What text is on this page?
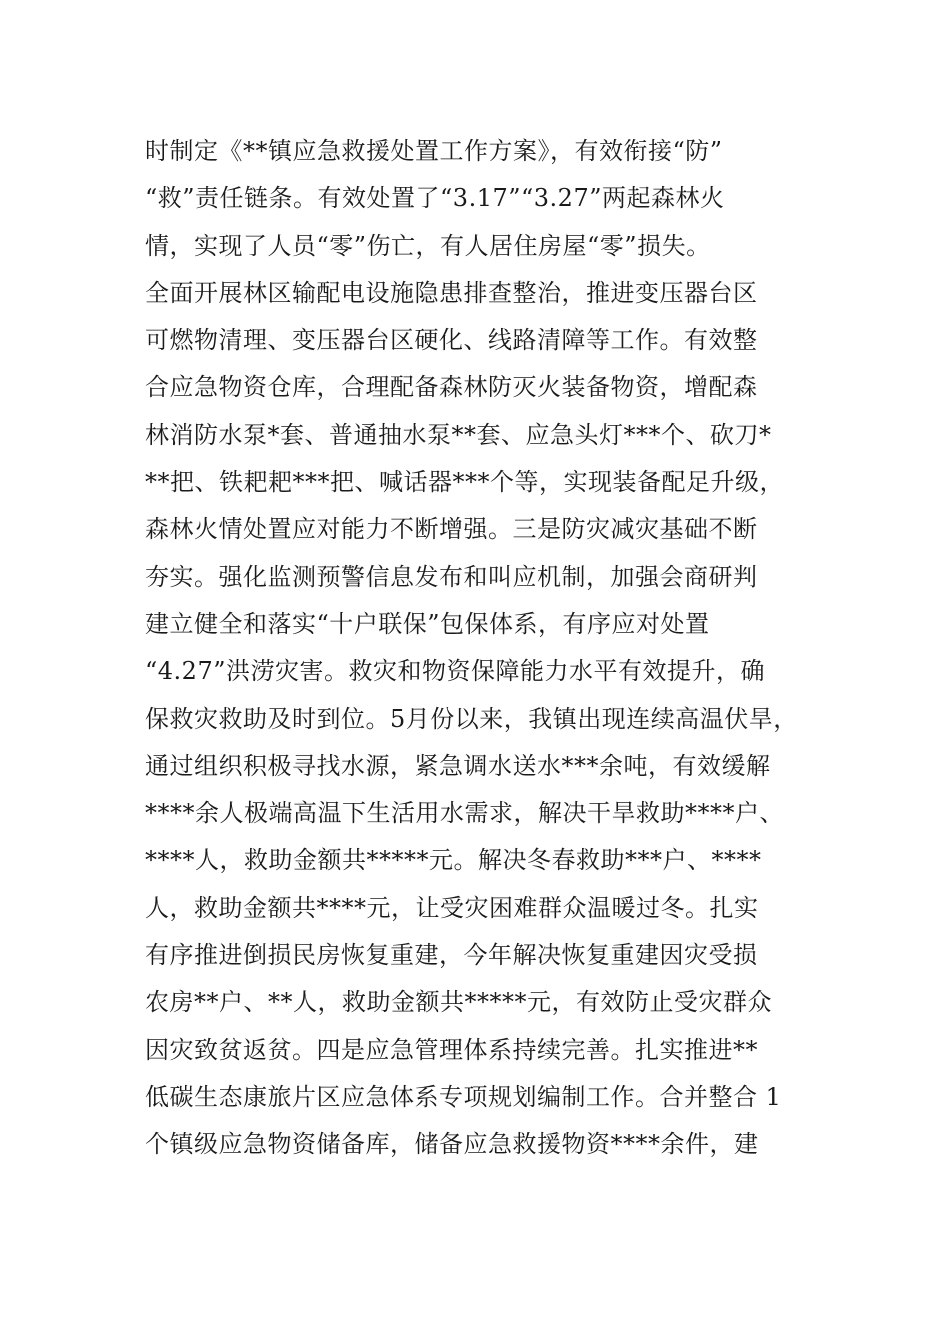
时制定《**镇应急救援处置工作方案》，有效衔接“防”
“救”责任链条。有效处置了“3.17”“3.27”两起森林火
情，实现了人员“零”伤亡，有人居住房屋“零”损失。
全面开展林区输配电设施隐患排查整治，推进变压器台区
可燃物清理、变压器台区硬化、线路清障等工作。有效整
合应急物资仓库，合理配备森林防灭火装备物资，增配森
林消防水泵*套、普通抽水泵**套、应急头灯***个、砍刀*
**把、铁耙耙***把、喊话器***个等，实现装备配足升级，
森林火情处置应对能力不断增强。三是防灾减灾基础不断
夯实。强化监测预警信息发布和叫应机制，加强会商研判
建立健全和落实“十户联保”包保体系，有序应对处置
“4.27”洪涝灾害。救灾和物资保障能力水平有效提升，确
保救灾救助及时到位。5月份以来，我镇出现连续高温伏旱，
通过组织积极寻找水源，紧急调水送水***余吨，有效缓解
****余人极端高温下生活用水需求，解决干旱救助****户、
****人，救助金额共*****元。解决冬春救助***户、****
人，救助金额共****元，让受灾困难群众温暖过冬。扎实
有序推进倒损民房恢复重建，今年解决恢复重建因灾受损
农房**户、**人，救助金额共*****元，有效防止受灾群众
因灾致贫返贫。四是应急管理体系持续完善。扎实推进**
低碳生态康旅片区应急体系专项规划编制工作。合并整合 1
个镇级应急物资储备库，储备应急救援物资****余件，建
